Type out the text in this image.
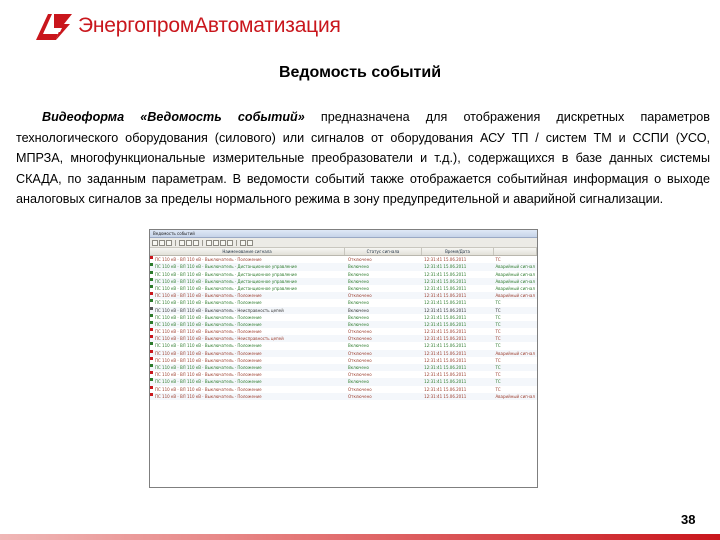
ЭнергопромАвтоматизация
Ведомость событий
Видеоформа «Ведомость событий» предназначена для отображения дискретных параметров технологического оборудования (силового) или сигналов от оборудования АСУ ТП / систем ТМ и ССПИ (УСО, МПРЗА, многофункциональные измерительные преобразователи и т.д.), содержащихся в базе данных системы СКАДА, по заданным параметрам. В ведомости событий также отображается событийная информация о выходе аналоговых сигналов за пределы нормального режима в зону предупредительной и аварийной сигнализации.
Ведомость событий
Наименование сигнала	Статус сигнала	Время/Дата
ПС 110 кВ · ВЛ 110 кВ · Выключатель · Положение	Отключено	12:31:41 15.06.2011	ТС
ПС 110 кВ · ВЛ 110 кВ · Выключатель · Дистанционное управление	Включено	12:31:41 15.06.2011	Аварийный сигнал
ПС 110 кВ · ВЛ 110 кВ · Выключатель · Дистанционное управление	Включено	12:31:41 15.06.2011	Аварийный сигнал
ПС 110 кВ · ВЛ 110 кВ · Выключатель · Дистанционное управление	Включено	12:31:41 15.06.2011	Аварийный сигнал
ПС 110 кВ · ВЛ 110 кВ · Выключатель · Дистанционное управление	Включено	12:31:41 15.06.2011	Аварийный сигнал
ПС 110 кВ · ВЛ 110 кВ · Выключатель · Положение	Отключено	12:31:41 15.06.2011	Аварийный сигнал
ПС 110 кВ · ВЛ 110 кВ · Выключатель · Положение	Включено	12:31:41 15.06.2011	ТС
ПС 110 кВ · ВЛ 110 кВ · Выключатель · Неисправность цепей	Включено	12:31:41 15.06.2011	ТС
ПС 110 кВ · ВЛ 110 кВ · Выключатель · Положение	Включено	12:31:41 15.06.2011	ТС
ПС 110 кВ · ВЛ 110 кВ · Выключатель · Положение	Включено	12:31:41 15.06.2011	ТС
ПС 110 кВ · ВЛ 110 кВ · Выключатель · Положение	Отключено	12:31:41 15.06.2011	ТС
ПС 110 кВ · ВЛ 110 кВ · Выключатель · Неисправность цепей	Отключено	12:31:41 15.06.2011	ТС
ПС 110 кВ · ВЛ 110 кВ · Выключатель · Положение	Включено	12:31:41 15.06.2011	ТС
ПС 110 кВ · ВЛ 110 кВ · Выключатель · Положение	Отключено	12:31:41 15.06.2011	Аварийный сигнал
ПС 110 кВ · ВЛ 110 кВ · Выключатель · Положение	Отключено	12:31:41 15.06.2011	ТС
ПС 110 кВ · ВЛ 110 кВ · Выключатель · Положение	Включено	12:31:41 15.06.2011	ТС
ПС 110 кВ · ВЛ 110 кВ · Выключатель · Положение	Отключено	12:31:41 15.06.2011	ТС
ПС 110 кВ · ВЛ 110 кВ · Выключатель · Положение	Включено	12:31:41 15.06.2011	ТС
ПС 110 кВ · ВЛ 110 кВ · Выключатель · Положение	Отключено	12:31:41 15.06.2011	ТС
ПС 110 кВ · ВЛ 110 кВ · Выключатель · Положение	Отключено	12:31:41 15.06.2011	Аварийный сигнал
38
